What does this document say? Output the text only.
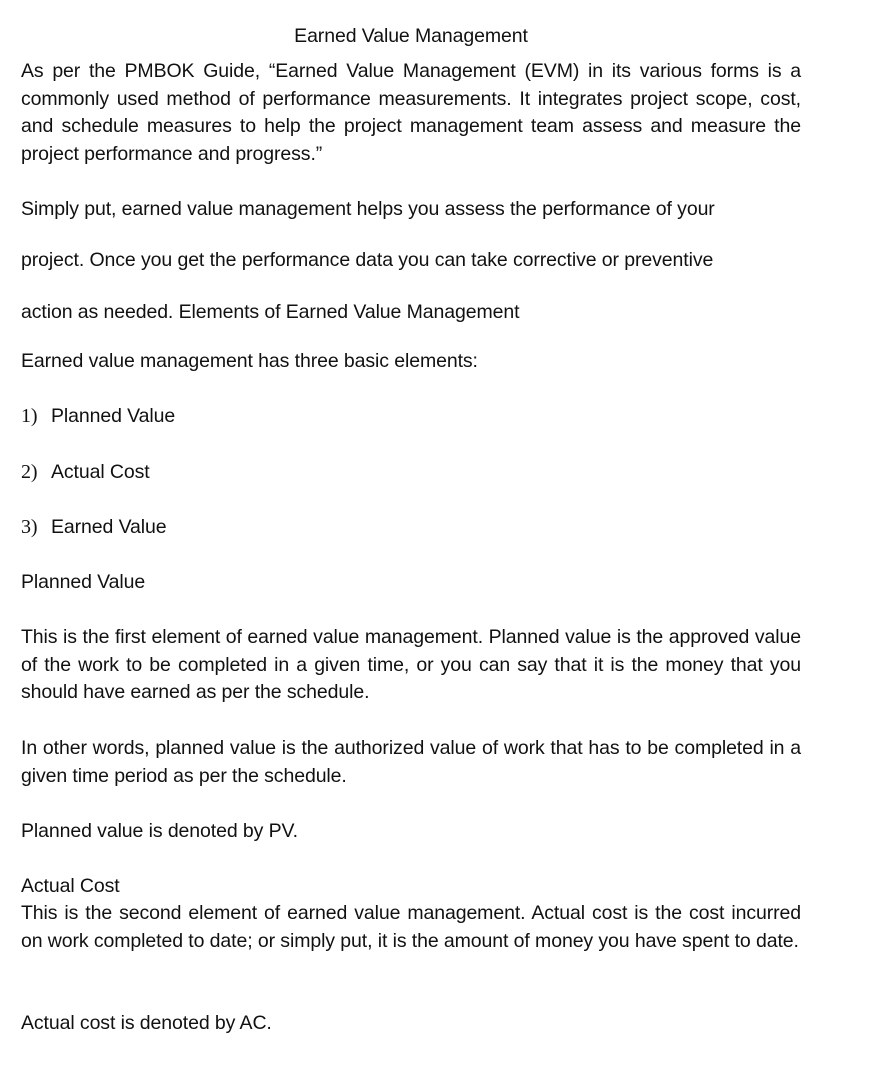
Earned Value Management

As per the PMBOK Guide, “Earned Value Management (EVM) in its various forms is a commonly used method of performance measurements. It integrates project scope, cost, and schedule measures to help the project management team assess and measure the project performance and progress.”

Simply put, earned value management helps you assess the performance of your

project. Once you get the performance data you can take corrective or preventive

action as needed. Elements of Earned Value Management

Earned value management has three basic elements:

1) Planned Value
2) Actual Cost
3) Earned Value

Planned Value

This is the first element of earned value management. Planned value is the approved value of the work to be completed in a given time, or you can say that it is the money that you should have earned as per the schedule.

In other words, planned value is the authorized value of work that has to be completed in a given time period as per the schedule.

Planned value is denoted by PV.

Actual Cost

This is the second element of earned value management. Actual cost is the cost incurred on work completed to date; or simply put, it is the amount of money you have spent to date.

Actual cost is denoted by AC.
